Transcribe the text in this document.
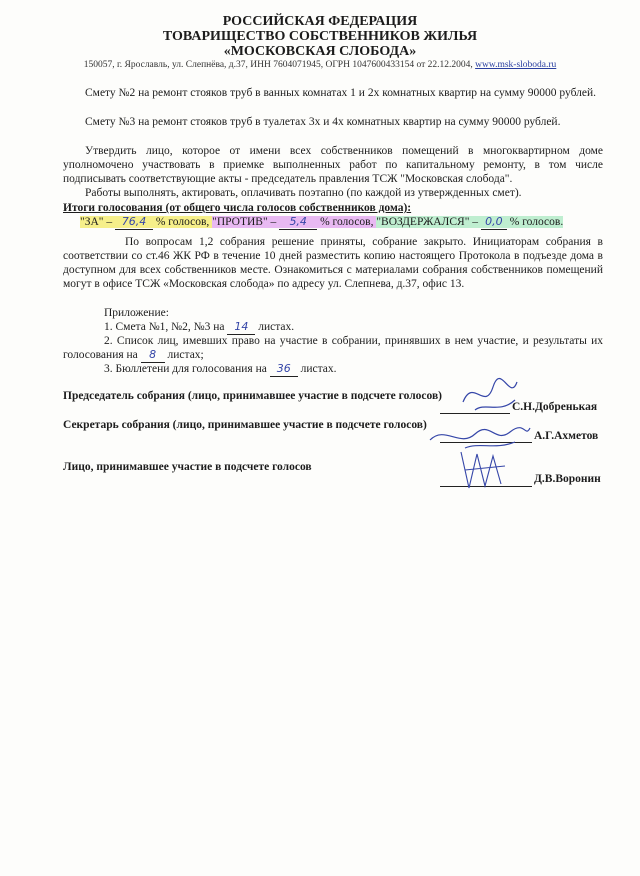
РОССИЙСКАЯ ФЕДЕРАЦИЯ
ТОВАРИЩЕСТВО СОБСТВЕННИКОВ ЖИЛЬЯ
«МОСКОВСКАЯ СЛОБОДА»
150057, г. Ярославль, ул. Слепнёва, д.37, ИНН 7604071945, ОГРН 1047600433154 от 22.12.2004, www.msk-sloboda.ru
Смету №2 на ремонт стояков труб в ванных комнатах 1 и 2х комнатных квартир на сумму 90000 рублей.
Смету №3 на ремонт стояков труб в туалетах 3х и 4х комнатных квартир на сумму 90000 рублей.
Утвердить лицо, которое от имени всех собственников помещений в многоквартирном доме уполномочено участвовать в приемке выполненных работ по капитальному ремонту, в том числе подписывать соответствующие акты - председатель правления ТСЖ "Московская слобода".
Работы выполнять, актировать, оплачивать поэтапно (по каждой из утвержденных смет).
Итоги голосования (от общего числа голосов собственников дома):
"ЗА" – 76,4 % голосов, "ПРОТИВ" – 5,4 % голосов, "ВОЗДЕРЖАЛСЯ" – 0,0 % голосов.
По вопросам 1,2 собрания решение приняты, собрание закрыто. Инициаторам собрания в соответствии со ст.46 ЖК РФ в течение 10 дней разместить копию настоящего Протокола в подъезде дома в доступном для всех собственников месте. Ознакомиться с материалами собрания собственников помещений могут в офисе ТСЖ «Московская слобода» по адресу ул. Слепнева, д.37, офис 13.
Приложение:
1. Смета №1, №2, №3 на 14 листах.
2. Список лиц, имевших право на участие в собрании, принявших в нем участие, и результаты их голосования на 8 листах;
3. Бюллетени для голосования на 36 листах.
Председатель собрания (лицо, принимавшее участие в подсчете голосов)
С.Н.Добренькая
Секретарь собрания (лицо, принимавшее участие в подсчете голосов)
А.Г.Ахметов
Лицо, принимавшее участие в подсчете голосов
Д.В.Воронин
